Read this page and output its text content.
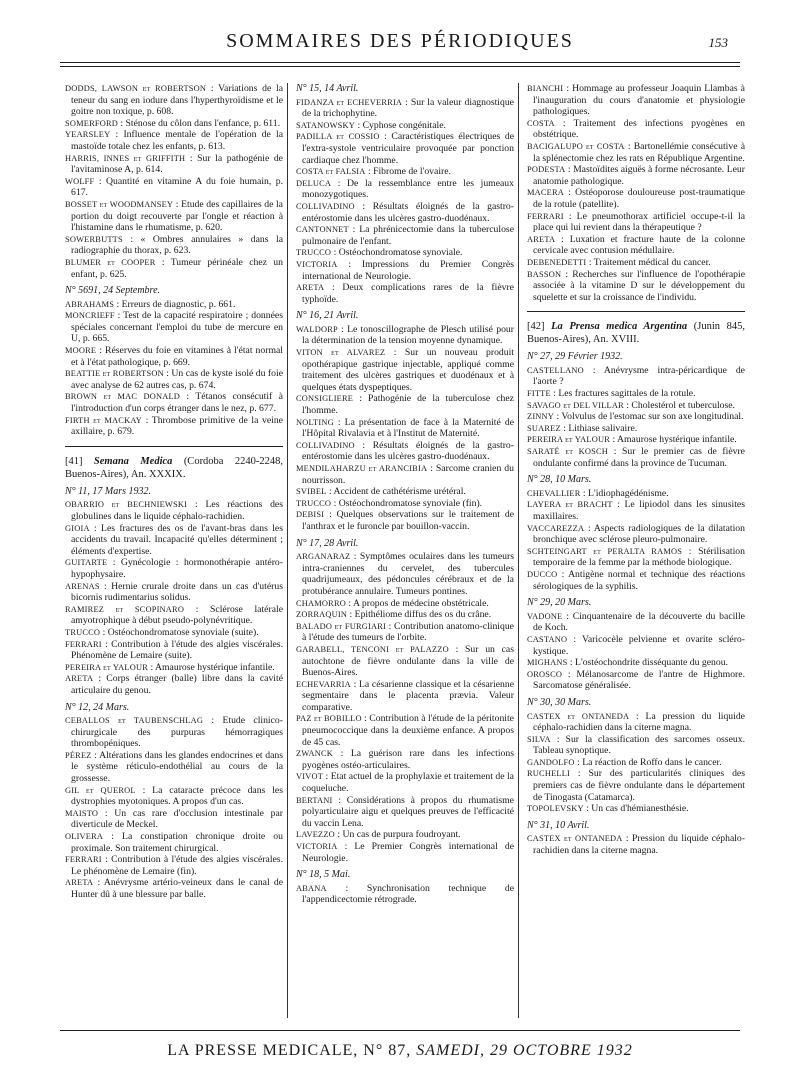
SOMMAIRES DES PÉRIODIQUES	153

DODDS, LAWSON et ROBERTSON : Variations de la teneur du sang en iodure dans l'hyperthyroïdisme et le goitre non toxique, p. 608.

SOMERFORD : Sténose du côlon dans l'enfance, p. 611.

YEARSLEY : Influence mentale de l'opération de la mastoïde totale chez les enfants, p. 613.

HARRIS, INNES et GRIFFITH : Sur la pathogénie de l'avitaminose A, p. 614.

WOLFF : Quantité en vitamine A du foie humain, p. 617.

BOSSET et WOODMANSEY : Etude des capillaires de la portion du doigt recouverte par l'ongle et réaction à l'histamine dans le rhumatisme, p. 620.

SOWERBUTTS : « Ombres annulaires » dans la radiographie du thorax, p. 623.

BLUMER et COOPER : Tumeur périnéale chez un enfant, p. 625.

N° 5691, 24 Septembre.

ABRAHAMS : Erreurs de diagnostic, p. 661.

MONCRIEFF : Test de la capacité respiratoire ; données spéciales concernant l'emploi du tube de mercure en U, p. 665.

MOORE : Réserves du foie en vitamines à l'état normal et à l'état pathologique, p. 669.

BEATTIE et ROBERTSON : Un cas de kyste isolé du foie avec analyse de 62 autres cas, p. 674.

BROWN et MAC DONALD : Tétanos consécutif à l'introduction d'un corps étranger dans le nez, p. 677.

FIRTH et MACKAY : Thrombose primitive de la veine axillaire, p. 679.

[41] Semana Medica (Cordoba 2240-2248, Buenos-Aires), An. XXXIX.

N° 11, 17 Mars 1932.

OBARRIO et BECHNIEWSKI : Les réactions des globulines dans le liquide céphalo-rachidien.

GIOIA : Les fractures des os de l'avant-bras dans les accidents du travail. Incapacité qu'elles déterminent ; éléments d'expertise.

GUITARTE : Gynécologie : hormonothérapie antéro-hypophysaire.

ARENAS : Hernie crurale droite dans un cas d'utérus bicornis rudimentarius solidus.

RAMIREZ et SCOPINARO : Sclérose latérale amyotrophique à début pseudo-polynévritique.

TRUCCO : Ostéochondromatose synoviale (suite).

FERRARI : Contribution à l'étude des algies viscérales. Phénomène de Lemaire (suite).

PEREIRA et YALOUR : Amaurose hystérique infantile.

ARETA : Corps étranger (balle) libre dans la cavité articulaire du genou.

N° 12, 24 Mars.

CEBALLOS et TAUBENSCHLAG : Etude clinico-chirurgicale des purpuras hémorragiques thrombopéniques.

PÉREZ : Altérations dans les glandes endocrines et dans le système réticulo-endothélial au cours de la grossesse.

GIL et QUEROL : La cataracte précoce dans les dystrophies myotoniques. A propos d'un cas.

MAISTO : Un cas rare d'occlusion intestinale par diverticule de Meckel.

OLIVERA : La constipation chronique droite ou proximale. Son traitement chirurgical.

FERRARI : Contribution à l'étude des algies viscérales. Le phénomène de Lemaire (fin).

ARETA : Anévrysme artério-veineux dans le canal de Hunter dû à une blessure par balle.

N° 15, 14 Avril.

FIDANZA et ECHEVERRIA : Sur la valeur diagnostique de la trichophytine.

SATANOWSKY : Cyphose congénitale.

PADILLA et COSSIO : Caractéristiques électriques de l'extra-systole ventriculaire provoquée par ponction cardiaque chez l'homme.

COSTA et FALSIA : Fibrome de l'ovaire.

DELUCA : De la ressemblance entre les jumeaux monozygotiques.

COLLIVADINO : Résultats éloignés de la gastro-entérostomie dans les ulcères gastro-duodénaux.

CANTONNET : La phrénicectomie dans la tuberculose pulmonaire de l'enfant.

TRUCCO : Ostéochondromatose synoviale.

VICTORIA : Impressions du Premier Congrès international de Neurologie.

ARETA : Deux complications rares de la fièvre typhoïde.

N° 16, 21 Avril.

WALDORP : Le tonoscillographe de Plesch utilisé pour la détermination de la tension moyenne dynamique.

VITON et ALVAREZ : Sur un nouveau produit opothérapique gastrique injectable, appliqué comme traitement des ulcères gastriques et duodénaux et à quelques états dyspeptiques.

CONSIGLIERE : Pathogénie de la tuberculose chez l'homme.

NOLTING : La présentation de face à la Maternité de l'Hôpital Rivalavia et à l'Institut de Maternité.

COLLIVADINO : Résultats éloignés de la gastro-entérostomie dans les ulcères gastro-duodénaux.

MENDILAHARZU et ARANCIBIA : Sarcome cranien du nourrisson.

SVIBEL : Accident de cathétérisme urétéral.

TRUCCO : Ostéochondromatose synoviale (fin).

DEBISI : Quelques observations sur le traitement de l'anthrax et le furoncle par bouillon-vaccin.

N° 17, 28 Avril.

ARGANARAZ : Symptômes oculaires dans les tumeurs intra-craniennes du cervelet, des tubercules quadrijumeaux, des pédoncules cérébraux et de la protubérance annulaire. Tumeurs pontines.

CHAMORRO : A propos de médecine obstétricale.

ZORRAQUIN : Epithéliome diffus des os du crâne.

BALADO et FURGIARI : Contribution anatomo-clinique à l'étude des tumeurs de l'orbite.

GARABELL, TENCONI et PALAZZO : Sur un cas autochtone de fièvre ondulante dans la ville de Buenos-Aires.

ECHEVARRIA : La césarienne classique et la césarienne segmentaire dans le placenta prævia. Valeur comparative.

PAZ et BOBILLO : Contribution à l'étude de la péritonite pneumococcique dans la deuxième enfance. A propos de 45 cas.

ZWANCK : La guérison rare dans les infections pyogènes ostéo-articulaires.

VIVOT : Etat actuel de la prophylaxie et traitement de la coqueluche.

BERTANI : Considérations à propos du rhumatisme polyarticulaire aigu et quelques preuves de l'efficacité du vaccin Lena.

LAVEZZO : Un cas de purpura foudroyant.

VICTORIA : Le Premier Congrès international de Neurologie.

N° 18, 5 Mai.

ABANA : Synchronisation technique de l'appendicectomie rétrograde.

BIANCHI : Hommage au professeur Joaquin Llambas à l'inauguration du cours d'anatomie et physiologie pathologiques.

COSTA : Traitement des infections pyogènes en obstétrique.

BACIGALUPO et COSTA : Bartonellémie consécutive à la splénectomie chez les rats en République Argentine.

PODESTA : Mastoïdites aiguës à forme nécrosante. Leur anatomie pathologique.

MACERA : Ostéoporose douloureuse post-traumatique de la rotule (patellite).

FERRARI : Le pneumothorax artificiel occupe-t-il la place qui lui revient dans la thérapeutique ?

ARETA : Luxation et fracture haute de la colonne cervicale avec contusion médullaire.

DEBENEDETTI : Traitement médical du cancer.

BASSON : Recherches sur l'influence de l'opothérapie associée à la vitamine D sur le développement du squelette et sur la croissance de l'individu.

[42] La Prensa medica Argentina (Junin 845, Buenos-Aires), An. XVIII.

N° 27, 29 Février 1932.

CASTELLANO : Anévrysme intra-péricardique de l'aorte ?

FITTE : Les fractures sagittales de la rotule.

SAVAGO et DEL VILLAR : Cholestérol et tuberculose.

ZINNY : Volvulus de l'estomac sur son axe longitudinal.

SUAREZ : Lithiase salivaire.

PEREIRA et YALOUR : Amaurose hystérique infantile.

SARATÉ et KOSCH : Sur le premier cas de fièvre ondulante confirmé dans la province de Tucuman.

N° 28, 10 Mars.

CHEVALLIER : L'idiophagédénisme.

LAYERA et BRACHT : Le lipiodol dans les sinusites maxillaires.

VACCAREZZA : Aspects radiologiques de la dilatation bronchique avec sclérose pleuro-pulmonaire.

SCHTEINGART et PERALTA RAMOS : Stérilisation temporaire de la femme par la méthode biologique.

DUCCO : Antigène normal et technique des réactions sérologiques de la syphilis.

N° 29, 20 Mars.

VADONE : Cinquantenaire de la découverte du bacille de Koch.

CASTANO : Varicocèle pelvienne et ovarite scléro-kystique.

MIGHANS : L'ostéochondrite disséquante du genou.

OROSCO : Mélanosarcome de l'antre de Highmore. Sarcomatose généralisée.

N° 30, 30 Mars.

CASTEX et ONTANEDA : La pression du liquide céphalo-rachidien dans la citerne magna.

SILVA : Sur la classification des sarcomes osseux. Tableau synoptique.

GANDOLFO : La réaction de Roffo dans le cancer.

RUCHELLI : Sur des particularités cliniques des premiers cas de fièvre ondulante dans le département de Tinogasta (Catamarca).

TOPOLEVSKY : Un cas d'hémianesthésie.

N° 31, 10 Avril.

CASTEX et ONTANEDA : Pression du liquide céphalo-rachidien dans la citerne magna.

LA PRESSE MEDICALE, N° 87, SAMEDI, 29 OCTOBRE 1932
